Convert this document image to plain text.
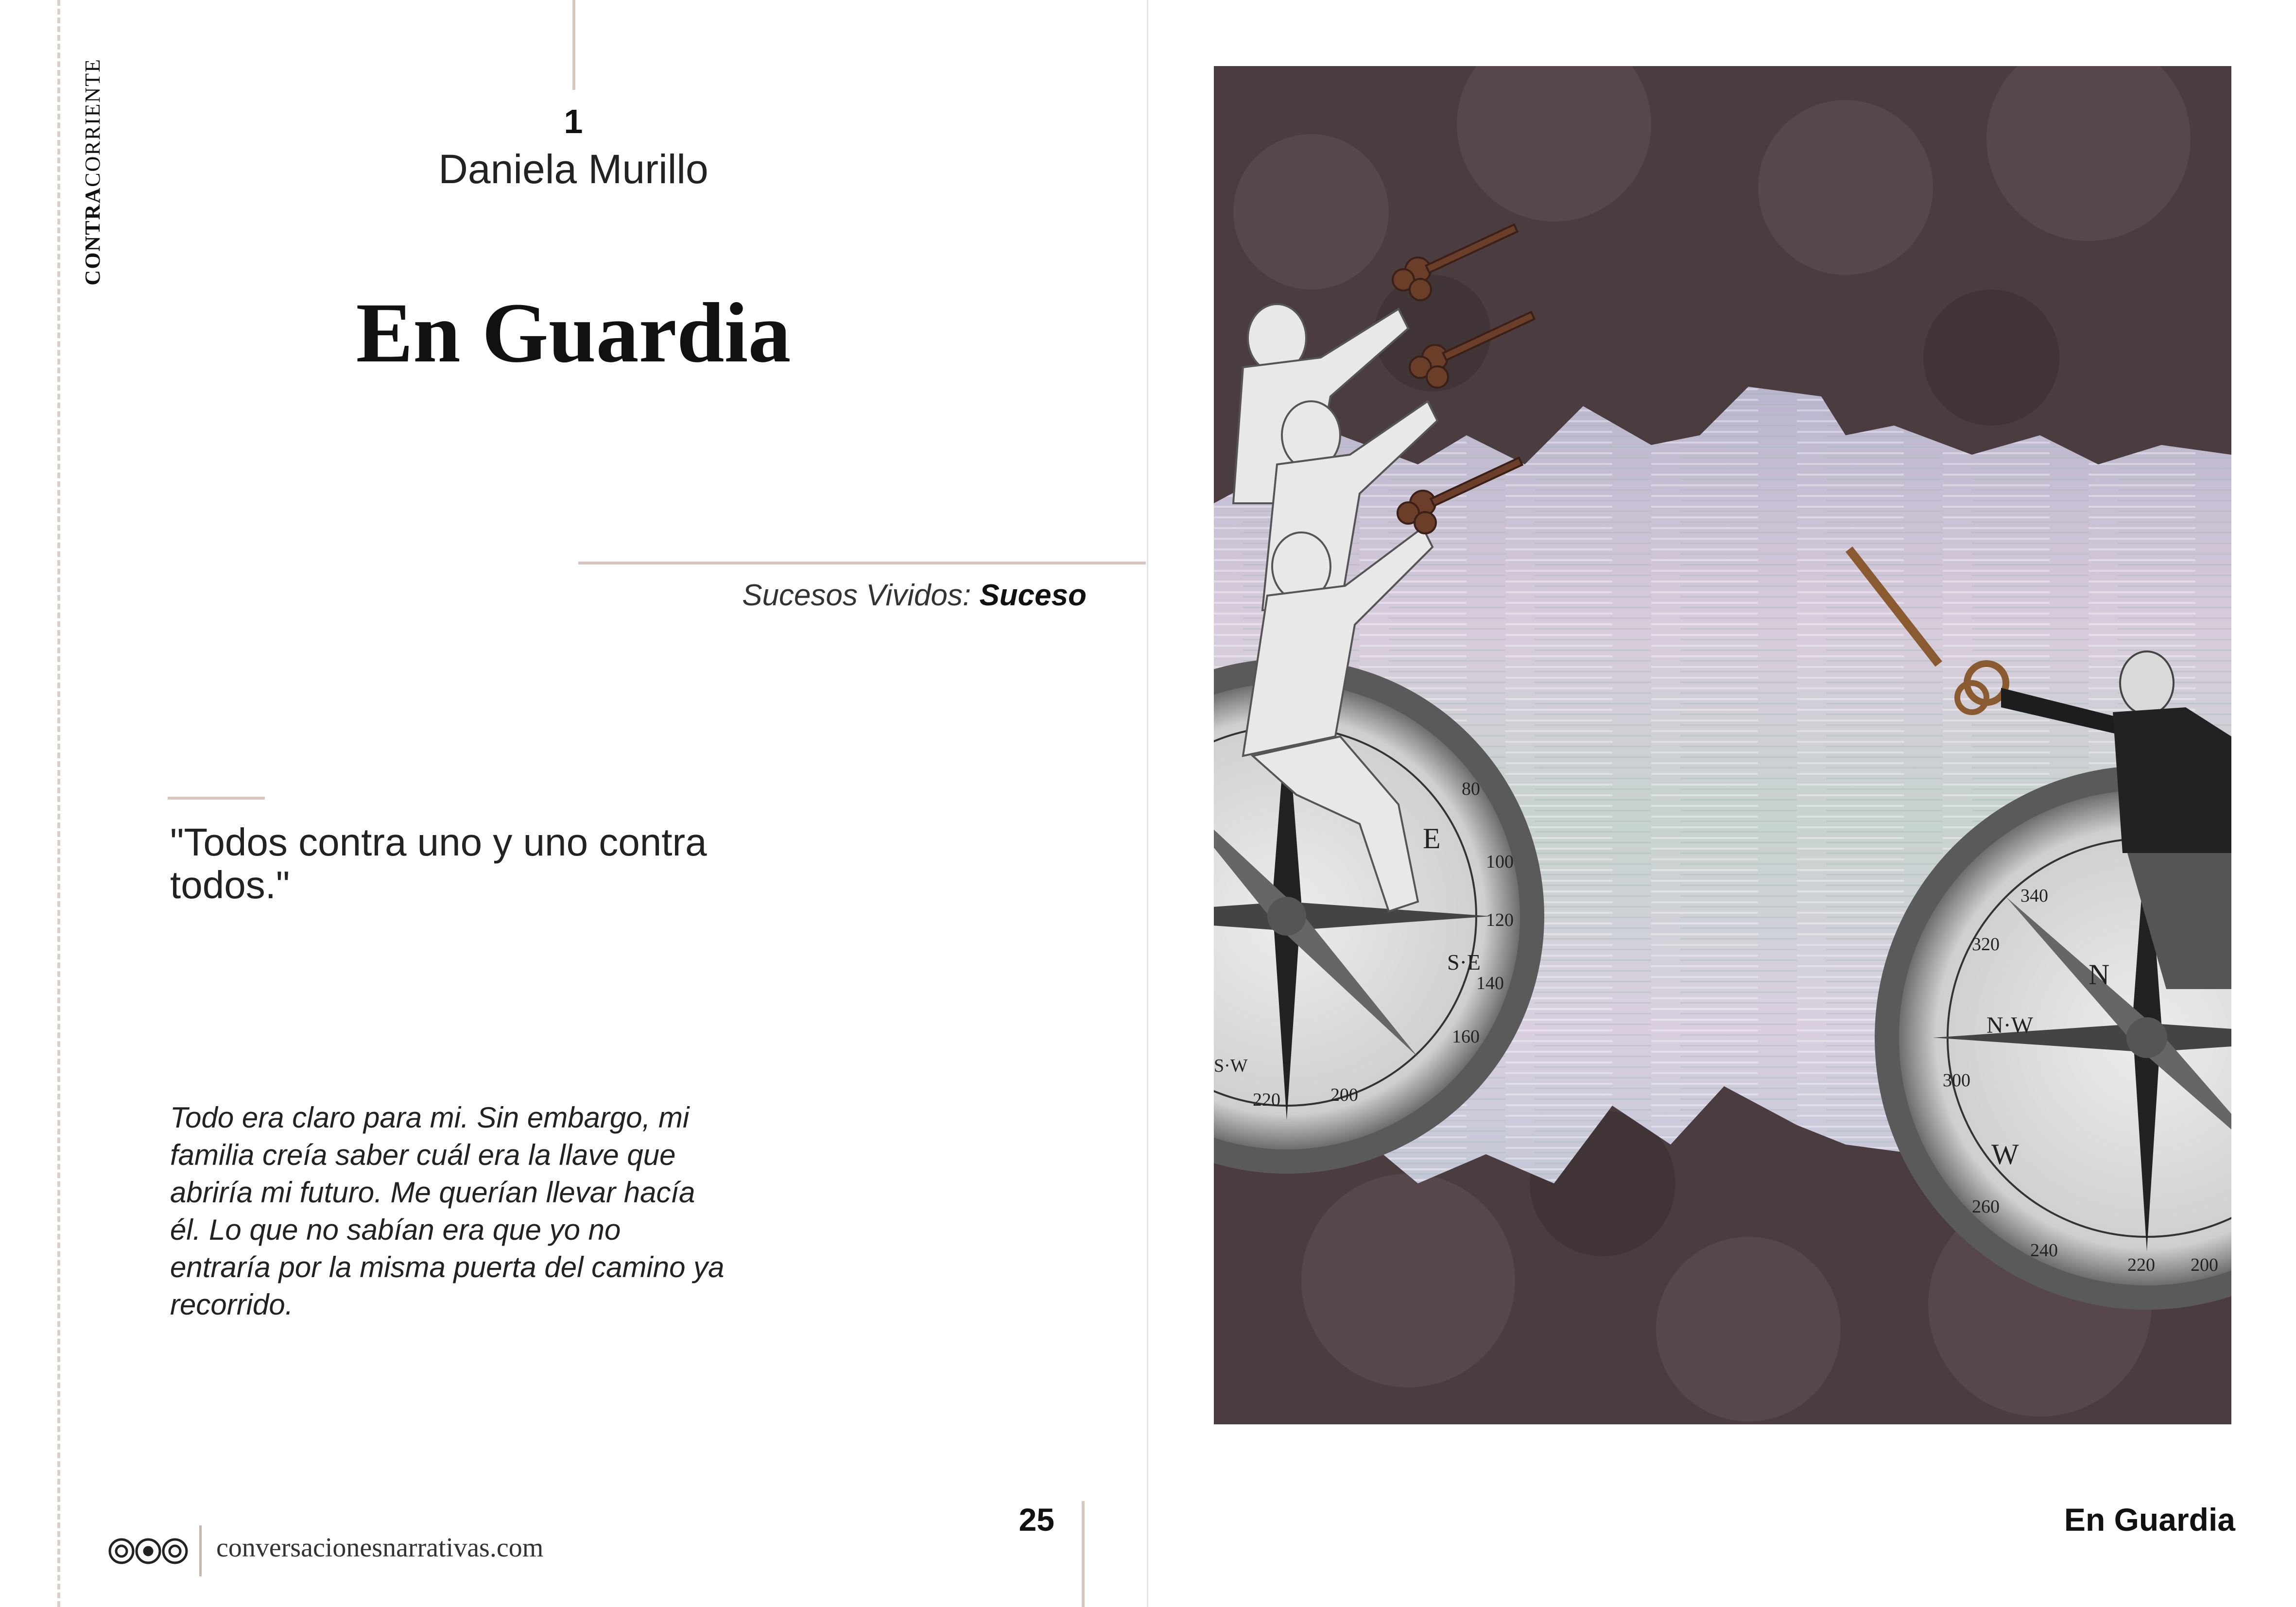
CONTRACORRIENTE	1
Daniela Murillo
En Guardia
Sucesos Vividos: Suceso
"Todos contra uno y uno contra todos."
Todo era claro para mi. Sin embargo, mi familia creía saber cuál era la llave que abriría mi futuro. Me querían llevar hacía él. Lo que no sabían era que yo no entraría por la misma puerta del camino ya recorrido.
conversacionesnarrativas.com
25	En Guardia
E
S·E
100
120
140
160
200
220
80
S·W
N
N·W
W
320
340
300
260
240
220 200
